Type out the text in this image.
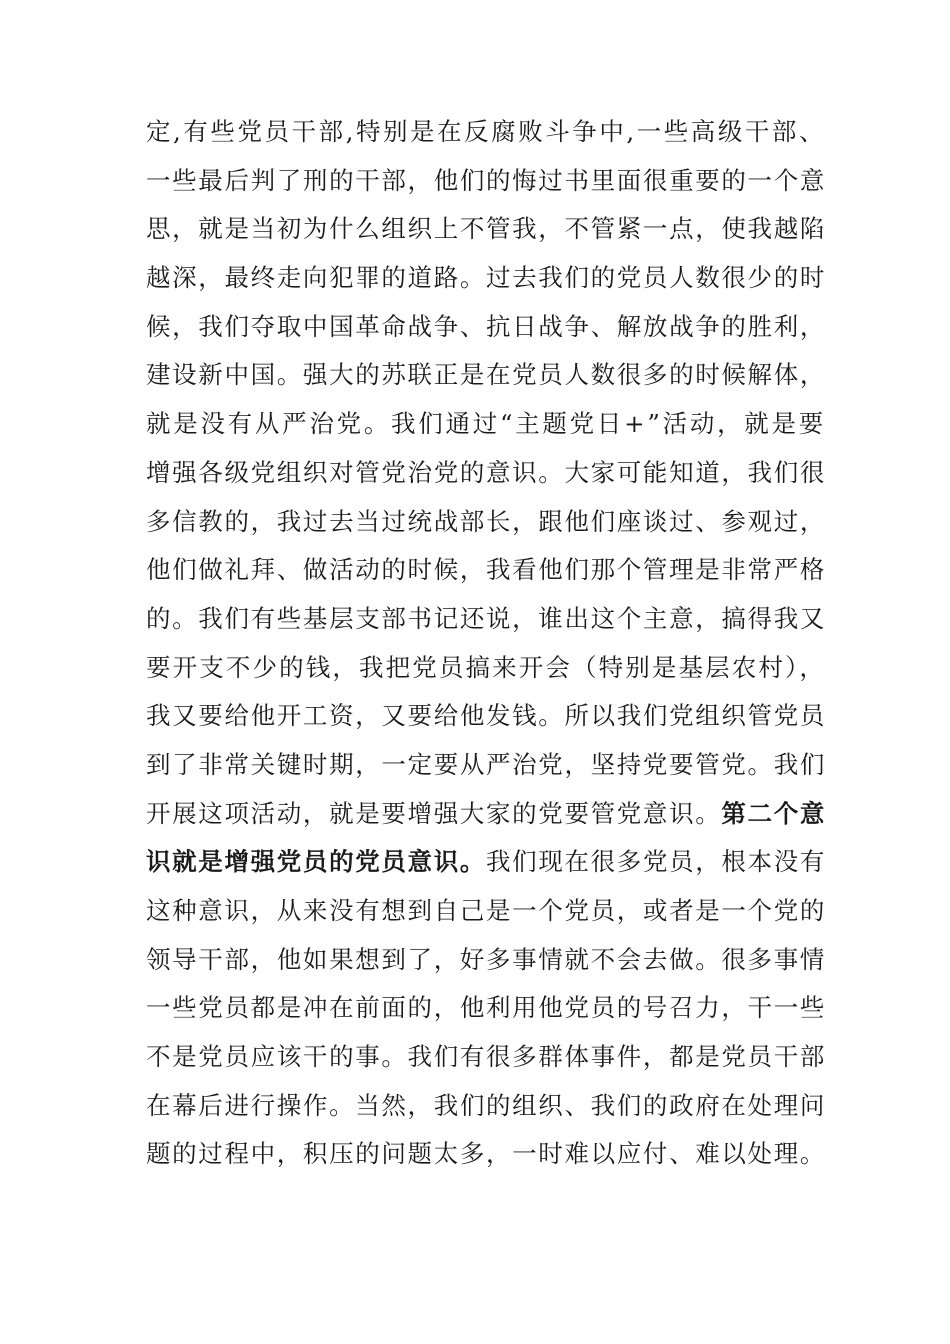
定,有些党员干部,特别是在反腐败斗争中,一些高级干部、
一些最后判了刑的干部，他们的悔过书里面很重要的一个意
思，就是当初为什么组织上不管我，不管紧一点，使我越陷
越深，最终走向犯罪的道路。过去我们的党员人数很少的时
候，我们夺取中国革命战争、抗日战争、解放战争的胜利，
建设新中国。强大的苏联正是在党员人数很多的时候解体，
就是没有从严治党。我们通过“主题党日+”活动，就是要
增强各级党组织对管党治党的意识。大家可能知道，我们很
多信教的，我过去当过统战部长，跟他们座谈过、参观过，
他们做礼拜、做活动的时候，我看他们那个管理是非常严格
的。我们有些基层支部书记还说，谁出这个主意，搞得我又
要开支不少的钱，我把党员搞来开会（特别是基层农村），
我又要给他开工资，又要给他发钱。所以我们党组织管党员
到了非常关键时期，一定要从严治党，坚持党要管党。我们
开展这项活动，就是要增强大家的党要管党意识。第二个意
识就是增强党员的党员意识。我们现在很多党员，根本没有
这种意识，从来没有想到自己是一个党员，或者是一个党的
领导干部，他如果想到了，好多事情就不会去做。很多事情
一些党员都是冲在前面的，他利用他党员的号召力，干一些
不是党员应该干的事。我们有很多群体事件，都是党员干部
在幕后进行操作。当然，我们的组织、我们的政府在处理问
题的过程中，积压的问题太多，一时难以应付、难以处理。
